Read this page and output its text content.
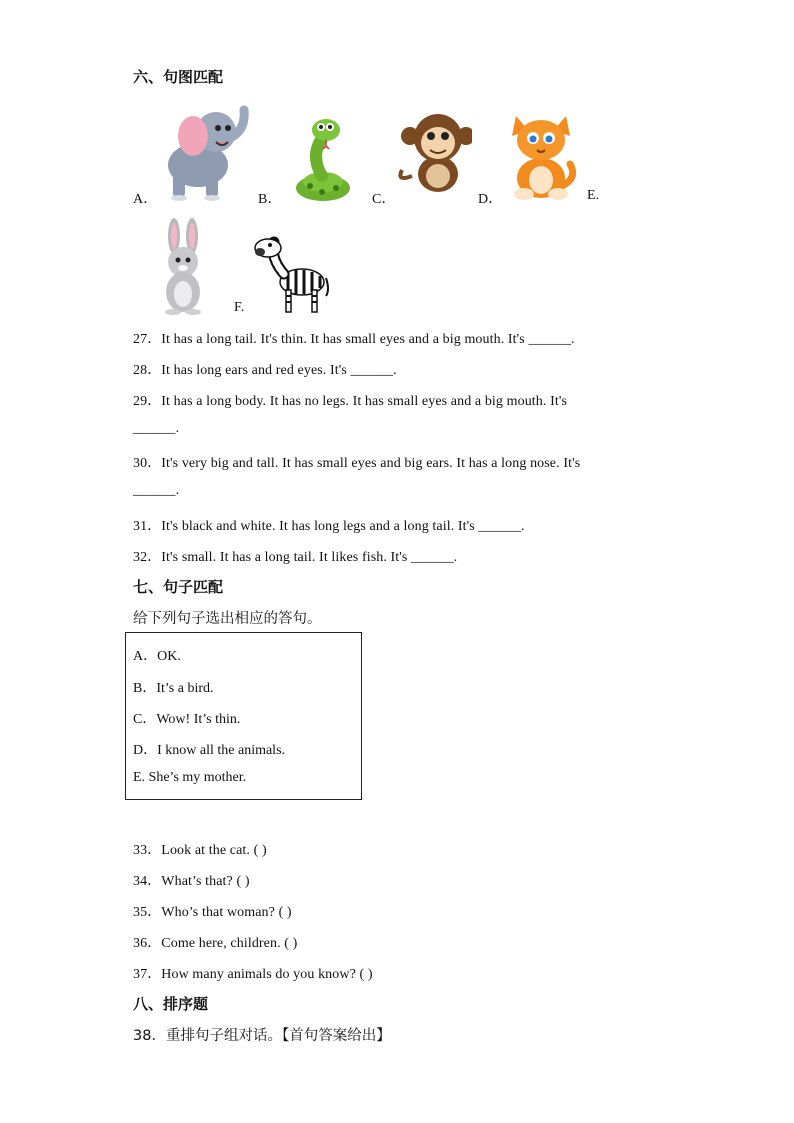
六、句图匹配
A．	B．	C．	D．	E.
F.
27．It has a long tail. It's thin. It has small eyes and a big mouth. It's ______.
28．It has long ears and red eyes. It's ______.
29．It has a long body. It has no legs. It has small eyes and a big mouth. It's
______.
30．It's very big and tall. It has small eyes and big ears. It has a long nose. It's
______.
31．It's black and white. It has long legs and a long tail. It's ______.
32．It's small. It has a long tail. It likes fish. It's ______.
七、句子匹配
给下列句子选出相应的答句。
A．OK.
B．It’s a bird.
C．Wow! It’s thin.
D．I know all the animals.
E. She’s my mother.
33．Look at the cat. ( )
34．What’s that? ( )
35．Who’s that woman? ( )
36．Come here, children. ( )
37．How many animals do you know? ( )
八、排序题
38．重排句子组对话。【首句答案给出】
